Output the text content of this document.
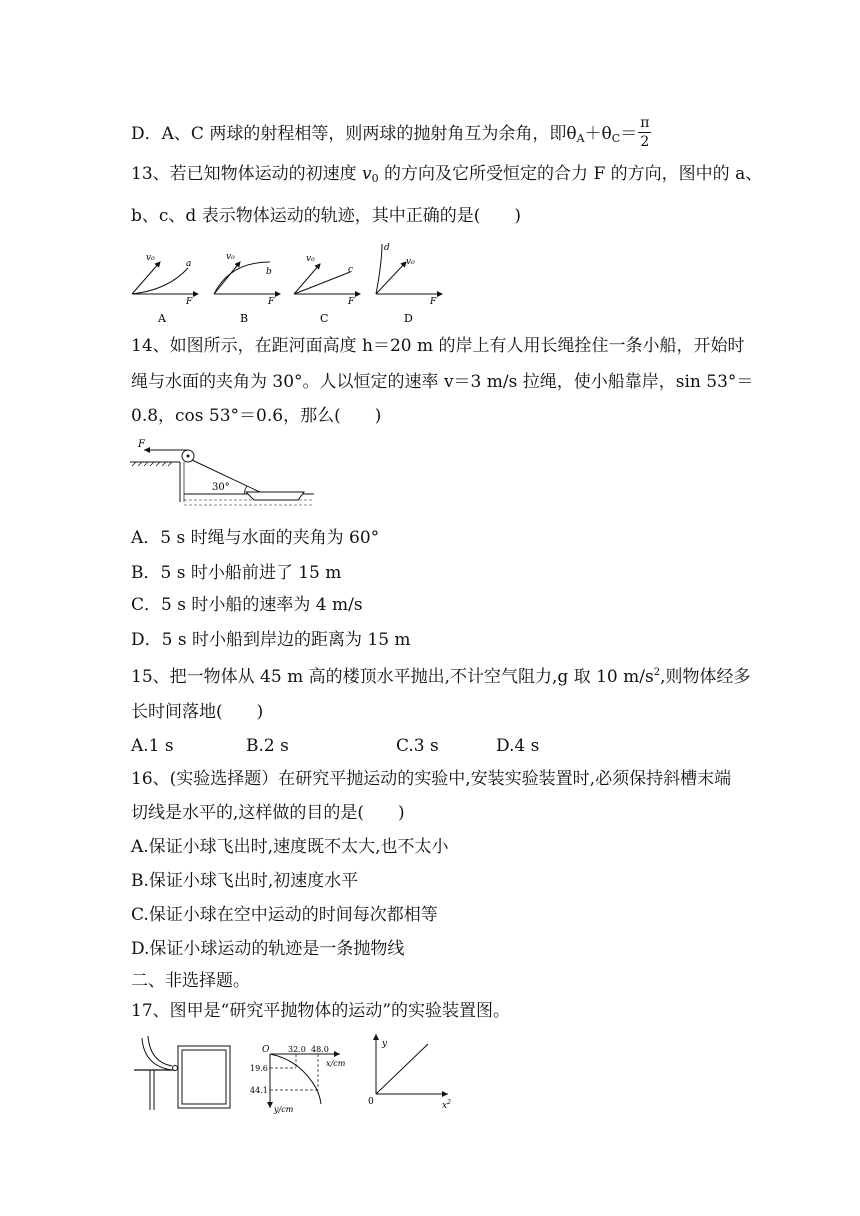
D．A、C 两球的射程相等，则两球的抛射角互为余角，即$\theta_A+\theta_C= \frac{\pi}{2}$
13、若已知物体运动的初速度 $v_0$ 的方向及它所受恒定的合力 F 的方向，图中的 a、
b、c、d 表示物体运动的轨迹，其中正确的是(　　)
v₀
a
F
A
v₀
b
F
B
v₀
c
F
C
d
v₀
F
D
14、如图所示，在距河面高度 h＝20 m 的岸上有人用长绳拴住一条小船，开始时
绳与水面的夹角为 30°。人以恒定的速率 v＝3 m/s 拉绳，使小船靠岸，sin 53°＝
0.8，cos 53°＝0.6，那么(　　)
F
30°
A．5 s 时绳与水面的夹角为 60°
B．5 s 时小船前进了 15 m
C．5 s 时小船的速率为 4 m/s
D．5 s 时小船到岸边的距离为 15 m
15、把一物体从 45 m 高的楼顶水平抛出,不计空气阻力,g 取 10 $m/s^2$,则物体经多
长时间落地(　　)
A.1 s	B.2 s	C.3 s	D.4 s
16、(实验选择题）在研究平抛运动的实验中,安装实验装置时,必须保持斜槽末端
切线是水平的,这样做的目的是(　　)
A.保证小球飞出时,速度既不太大,也不太小
B.保证小球飞出时,初速度水平
C.保证小球在空中运动的时间每次都相等
D.保证小球运动的轨迹是一条抛物线
二、非选择题。
17、图甲是“研究平抛物体的运动”的实验装置图。
O 32.0 48.0
x/cm
19.6
44.1
y/cm
0
y
$x^2$
